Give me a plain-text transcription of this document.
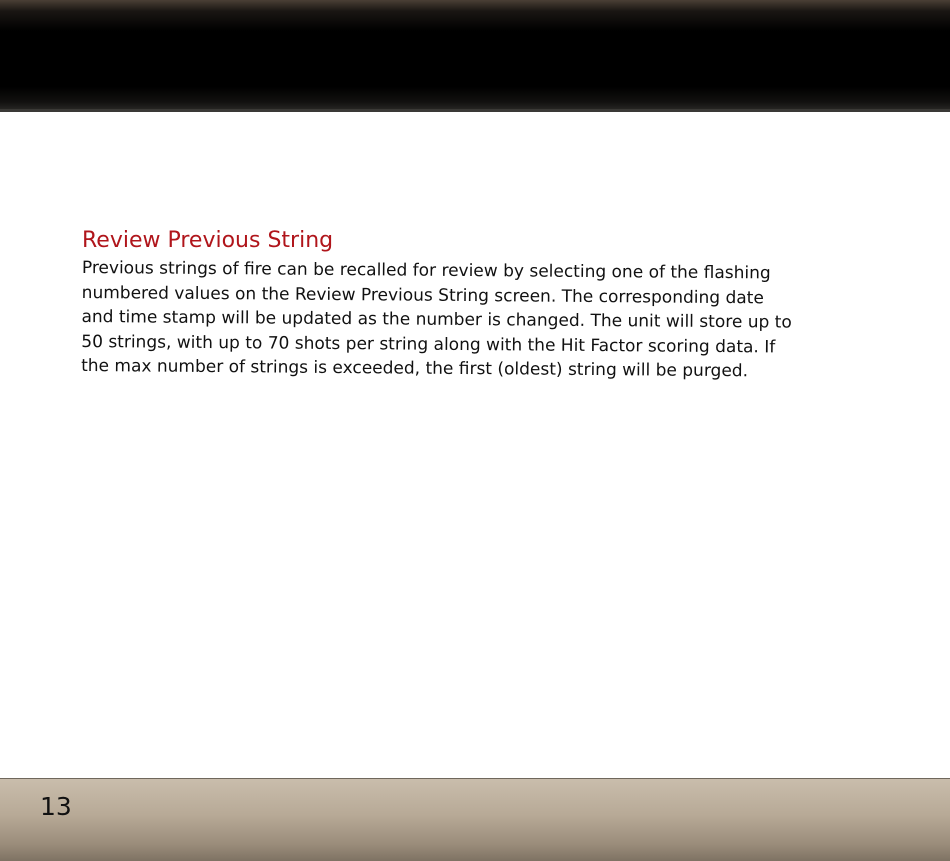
Review Previous String

Previous strings of fire can be recalled for review by selecting one of the flashing
numbered values on the Review Previous String screen. The corresponding date
and time stamp will be updated as the number is changed. The unit will store up to
50 strings, with up to 70 shots per string along with the Hit Factor scoring data. If
the max number of strings is exceeded, the first (oldest) string will be purged.

13
